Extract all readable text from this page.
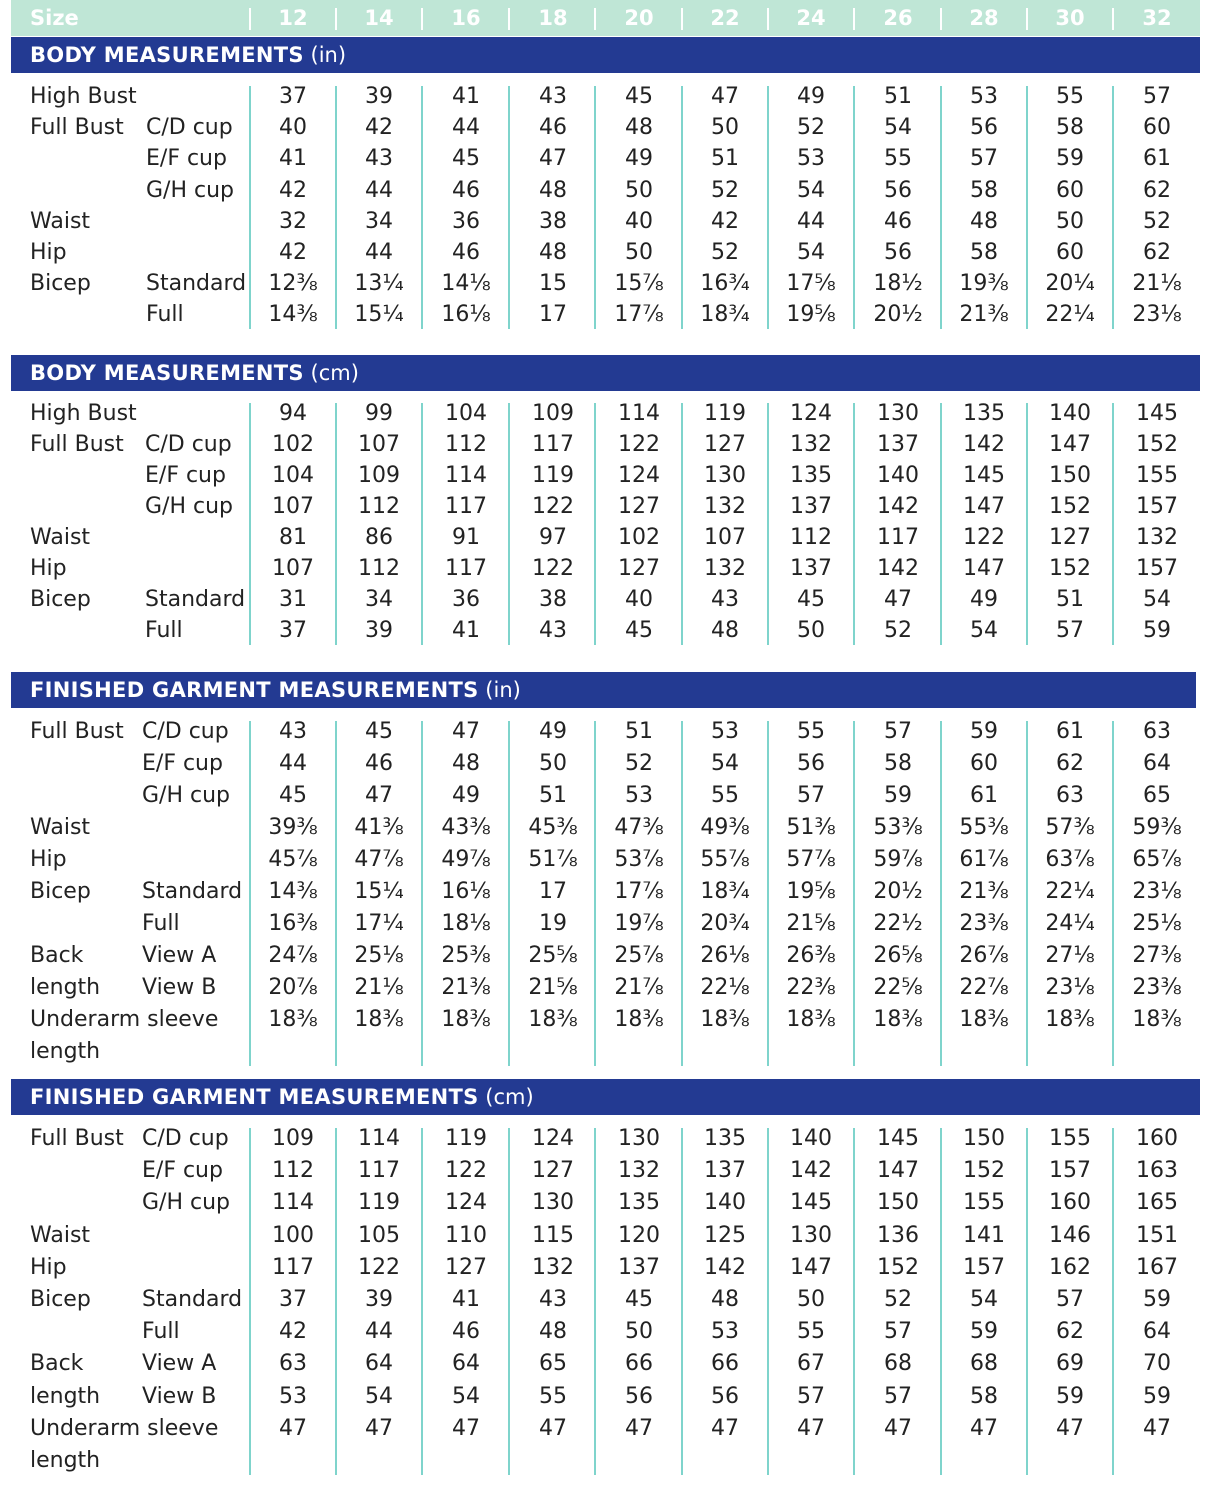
Size	12	14	16	18	20	22	24	26	28	30	32
BODY MEASUREMENTS (in)
High Bust	37	39	41	43	45	47	49	51	53	55	57
Full Bust C/D cup	40	42	44	46	48	50	52	54	56	58	60
E/F cup	41	43	45	47	49	51	53	55	57	59	61
G/H cup	42	44	46	48	50	52	54	56	58	60	62
Waist	32	34	36	38	40	42	44	46	48	50	52
Hip	42	44	46	48	50	52	54	56	58	60	62
Bicep	Standard	12⅜	13¼	14⅛	15	15⅞	16¾	17⅝	18½	19⅜	20¼	21⅛
Full	14⅜	15¼	16⅛	17	17⅞	18¾	19⅝	20½	21⅜	22¼	23⅛
BODY MEASUREMENTS (cm)
High Bust	94	99	104	109	114	119	124	130	135	140	145
Full Bust C/D cup	102	107	112	117	122	127	132	137	142	147	152
E/F cup	104	109	114	119	124	130	135	140	145	150	155
G/H cup	107	112	117	122	127	132	137	142	147	152	157
Waist	81	86	91	97	102	107	112	117	122	127	132
Hip	107	112	117	122	127	132	137	142	147	152	157
Bicep Standard	31	34	36	38	40	43	45	47	49	51	54
Full	37	39	41	43	45	48	50	52	54	57	59
FINISHED GARMENT MEASUREMENTS (in)
Full Bust C/D cup	43	45	47	49	51	53	55	57	59	61	63
E/F cup	44	46	48	50	52	54	56	58	60	62	64
G/H cup	45	47	49	51	53	55	57	59	61	63	65
Waist	39⅜	41⅜	43⅜	45⅜	47⅜	49⅜	51⅜	53⅜	55⅜	57⅜	59⅜
Hip	45⅞	47⅞	49⅞	51⅞	53⅞	55⅞	57⅞	59⅞	61⅞	63⅞	65⅞
Bicep Standard	14⅜	15¼	16⅛	17	17⅞	18¾	19⅝	20½	21⅜	22¼	23⅛
Full	16⅜	17¼	18⅛	19	19⅞	20¾	21⅝	22½	23⅜	24¼	25⅛
Back	View A	24⅞	25⅛	25⅜	25⅝	25⅞	26⅛	26⅜	26⅝	26⅞	27⅛	27⅜
length View B	20⅞	21⅛	21⅜	21⅝	21⅞	22⅛	22⅜	22⅝	22⅞	23⅛	23⅜
Underarm sleeve	18⅜	18⅜	18⅜	18⅜	18⅜	18⅜	18⅜	18⅜	18⅜	18⅜	18⅜
length
FINISHED GARMENT MEASUREMENTS (cm)
Full Bust C/D cup	109	114	119	124	130	135	140	145	150	155	160
E/F cup	112	117	122	127	132	137	142	147	152	157	163
G/H cup	114	119	124	130	135	140	145	150	155	160	165
Waist	100	105	110	115	120	125	130	136	141	146	151
Hip	117	122	127	132	137	142	147	152	157	162	167
Bicep Standard	37	39	41	43	45	48	50	52	54	57	59
Full	42	44	46	48	50	53	55	57	59	62	64
Back	View A	63	64	64	65	66	66	67	68	68	69	70
length View B	53	54	54	55	56	56	57	57	58	59	59
Underarm sleeve	47	47	47	47	47	47	47	47	47	47	47
length
